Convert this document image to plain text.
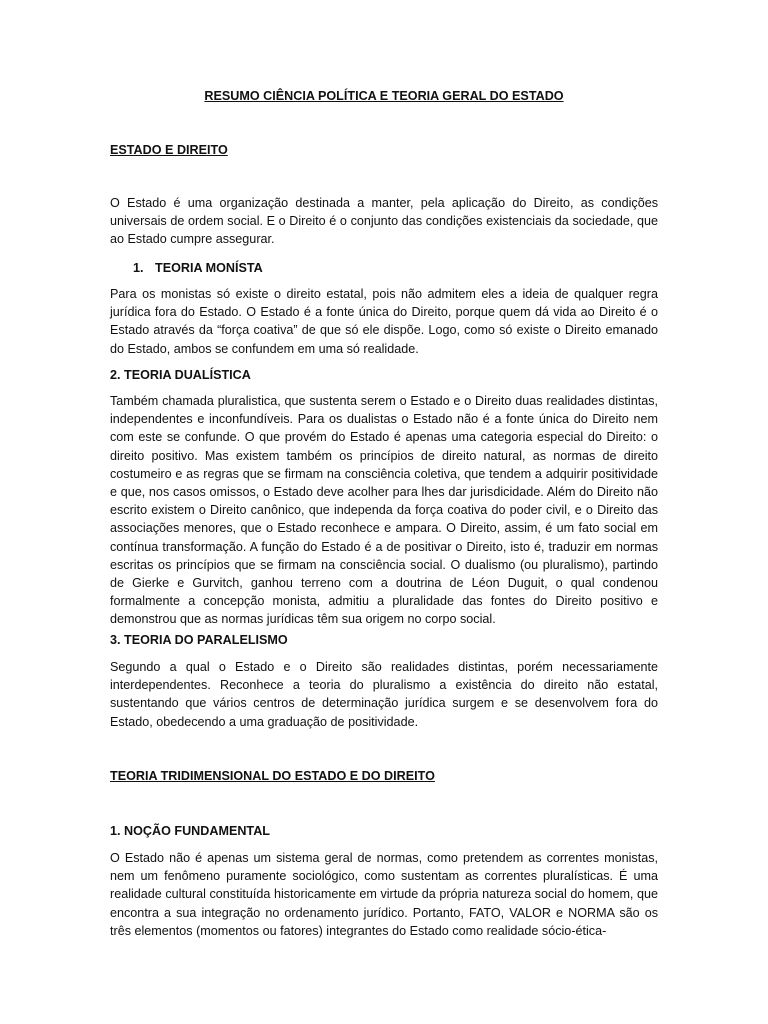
RESUMO CIÊNCIA POLÍTICA E TEORIA GERAL DO ESTADO
ESTADO E DIREITO
O Estado é uma organização destinada a manter, pela aplicação do Direito, as condições universais de ordem social. E o Direito é o conjunto das condições existenciais da sociedade, que ao Estado cumpre assegurar.
1. TEORIA MONÍSTA
Para os monistas só existe o direito estatal, pois não admitem eles a ideia de qualquer regra jurídica fora do Estado. O Estado é a fonte única do Direito, porque quem dá vida ao Direito é o Estado através da “força coativa” de que só ele dispõe. Logo, como só existe o Direito emanado do Estado, ambos se confundem em uma só realidade.
2. TEORIA DUALÍSTICA
Também chamada pluralistica, que sustenta serem o Estado e o Direito duas realidades distintas, independentes e inconfundíveis. Para os dualistas o Estado não é a fonte única do Direito nem com este se confunde. O que provém do Estado é apenas uma categoria especial do Direito: o direito positivo. Mas existem também os princípios de direito natural, as normas de direito costumeiro e as regras que se firmam na consciência coletiva, que tendem a adquirir positividade e que, nos casos omissos, o Estado deve acolher para lhes dar jurisdicidade. Além do Direito não escrito existem o Direito canônico, que independa da força coativa do poder civil, e o Direito das associações menores, que o Estado reconhece e ampara. O Direito, assim, é um fato social em contínua transformação. A função do Estado é a de positivar o Direito, isto é, traduzir em normas escritas os princípios que se firmam na consciência social. O dualismo (ou pluralismo), partindo de Gierke e Gurvitch, ganhou terreno com a doutrina de Léon Duguit, o qual condenou formalmente a concepção monista, admitiu a pluralidade das fontes do Direito positivo e demonstrou que as normas jurídicas têm sua origem no corpo social.
3. TEORIA DO PARALELISMO
Segundo a qual o Estado e o Direito são realidades distintas, porém necessariamente interdependentes. Reconhece a teoria do pluralismo a existência do direito não estatal, sustentando que vários centros de determinação jurídica surgem e se desenvolvem fora do Estado, obedecendo a uma graduação de positividade.
TEORIA TRIDIMENSIONAL DO ESTADO E DO DIREITO
1. NOÇÃO FUNDAMENTAL
O Estado não é apenas um sistema geral de normas, como pretendem as correntes monistas, nem um fenômeno puramente sociológico, como sustentam as correntes pluralísticas. É uma realidade cultural constituída historicamente em virtude da própria natureza social do homem, que encontra a sua integração no ordenamento jurídico. Portanto, FATO, VALOR e NORMA são os três elementos (momentos ou fatores) integrantes do Estado como realidade sócio-ética-
